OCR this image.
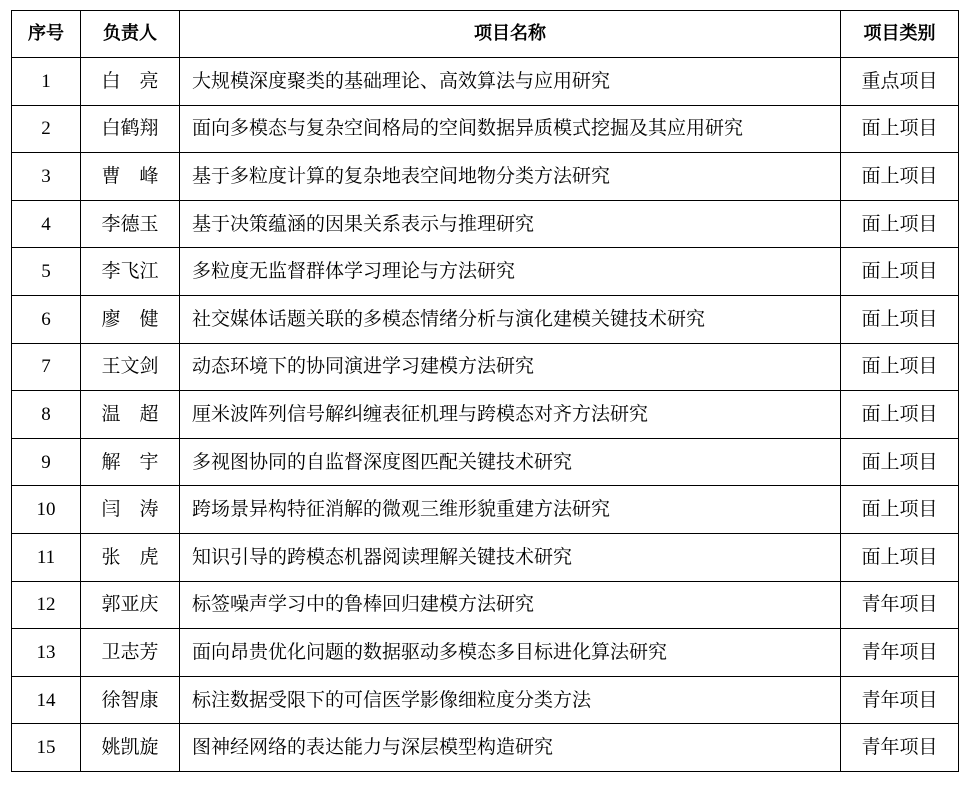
序号	负责人	项目名称	项目类别
1	白　亮	大规模深度聚类的基础理论、高效算法与应用研究	重点项目
2	白鹤翔	面向多模态与复杂空间格局的空间数据异质模式挖掘及其应用研究	面上项目
3	曹　峰	基于多粒度计算的复杂地表空间地物分类方法研究	面上项目
4	李德玉	基于决策蕴涵的因果关系表示与推理研究	面上项目
5	李飞江	多粒度无监督群体学习理论与方法研究	面上项目
6	廖　健	社交媒体话题关联的多模态情绪分析与演化建模关键技术研究	面上项目
7	王文剑	动态环境下的协同演进学习建模方法研究	面上项目
8	温　超	厘米波阵列信号解纠缠表征机理与跨模态对齐方法研究	面上项目
9	解　宇	多视图协同的自监督深度图匹配关键技术研究	面上项目
10	闫　涛	跨场景异构特征消解的微观三维形貌重建方法研究	面上项目
11	张　虎	知识引导的跨模态机器阅读理解关键技术研究	面上项目
12	郭亚庆	标签噪声学习中的鲁棒回归建模方法研究	青年项目
13	卫志芳	面向昂贵优化问题的数据驱动多模态多目标进化算法研究	青年项目
14	徐智康	标注数据受限下的可信医学影像细粒度分类方法	青年项目
15	姚凯旋	图神经网络的表达能力与深层模型构造研究	青年项目
